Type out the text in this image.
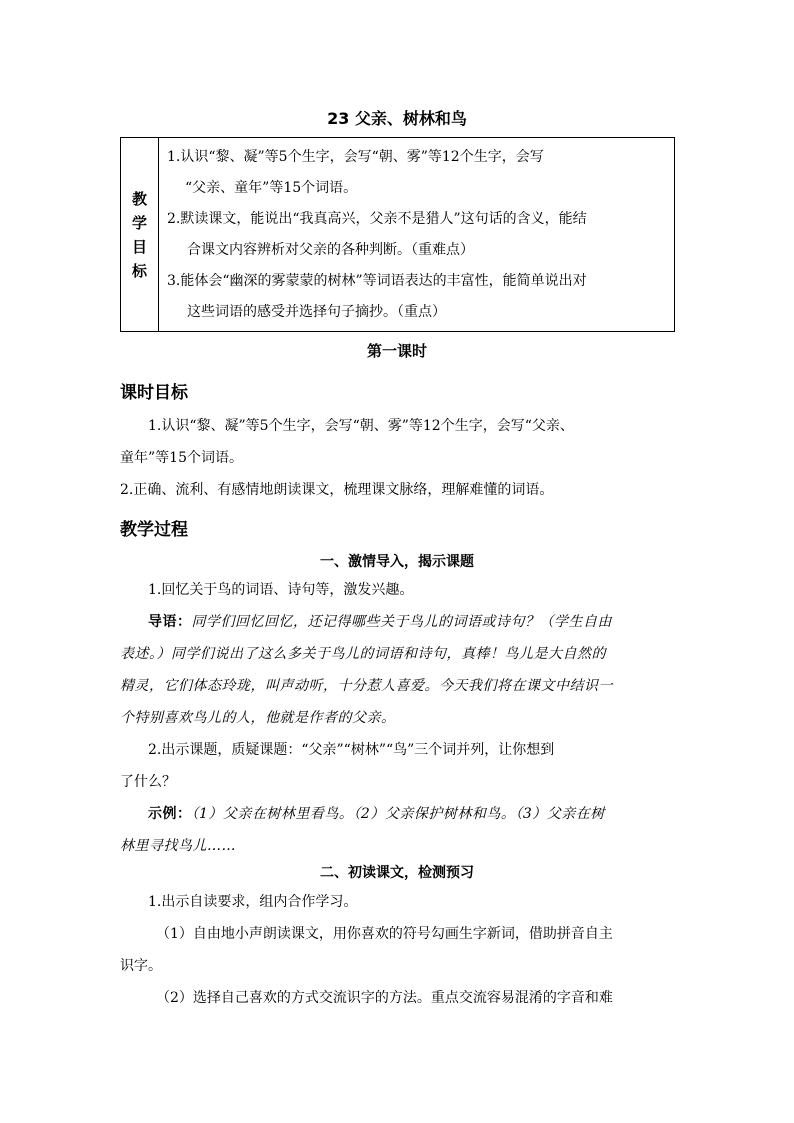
23 父亲、树林和鸟
教
学
目
标

1.认识“黎、凝”等5个生字，会写“朝、雾”等12个生字，会写
“父亲、童年”等15个词语。
2.默读课文，能说出“我真高兴，父亲不是猎人”这句话的含义，能结
合课文内容辨析对父亲的各种判断。（重难点）
3.能体会“幽深的雾蒙蒙的树林”等词语表达的丰富性，能简单说出对
这些词语的感受并选择句子摘抄。（重点）
第一课时
课时目标
1.认识“黎、凝”等5个生字，会写“朝、雾”等12个生字，会写“父亲、
童年”等15个词语。
2.正确、流利、有感情地朗读课文，梳理课文脉络，理解难懂的词语。
教学过程
一、激情导入，揭示课题
1.回忆关于鸟的词语、诗句等，激发兴趣。
导语：同学们回忆回忆，还记得哪些关于鸟儿的词语或诗句？（学生自由
表述。）同学们说出了这么多关于鸟儿的词语和诗句，真棒！鸟儿是大自然的
精灵，它们体态玲珑，叫声动听，十分惹人喜爱。今天我们将在课文中结识一
个特别喜欢鸟儿的人，他就是作者的父亲。
2.出示课题，质疑课题：“父亲”“树林”“鸟”三个词并列，让你想到
了什么？
示例：（1）父亲在树林里看鸟。（2）父亲保护树林和鸟。（3）父亲在树
林里寻找鸟儿……
二、初读课文，检测预习
1.出示自读要求，组内合作学习。
（1）自由地小声朗读课文，用你喜欢的符号勾画生字新词，借助拼音自主
识字。
（2）选择自己喜欢的方式交流识字的方法。重点交流容易混淆的字音和难
